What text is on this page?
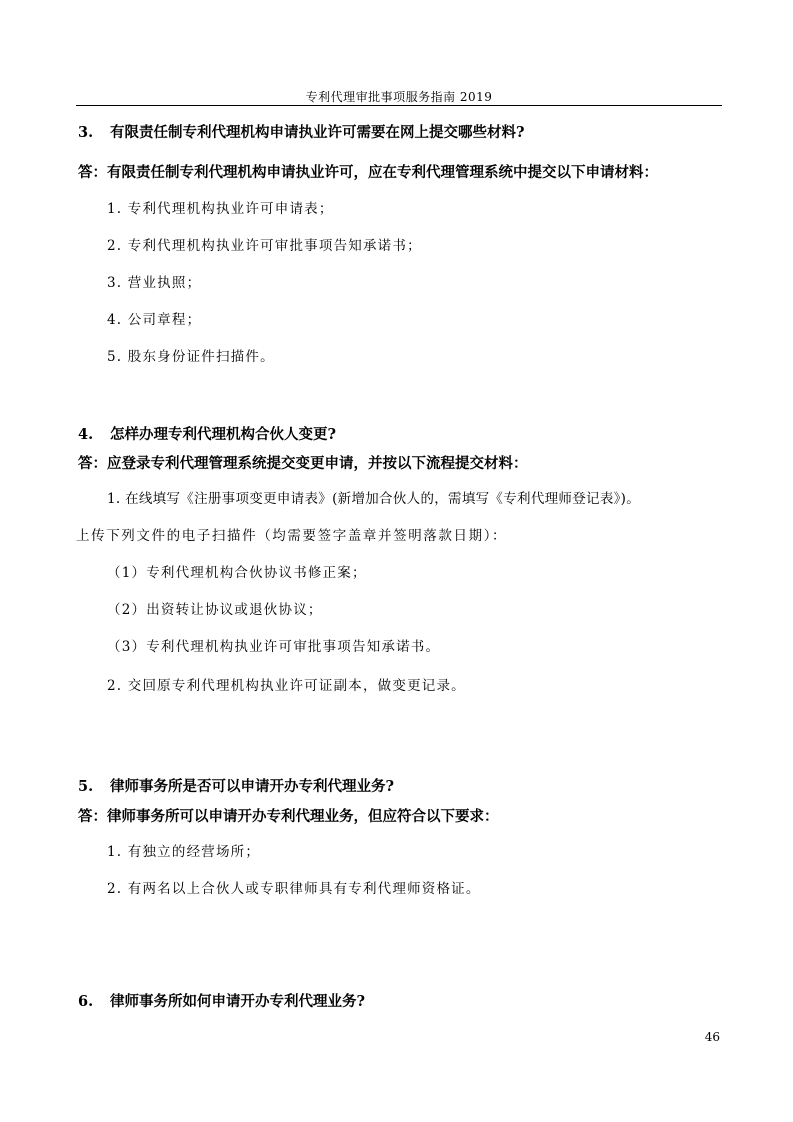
专利代理审批事项服务指南 2019
3. 有限责任制专利代理机构申请执业许可需要在网上提交哪些材料?
答：有限责任制专利代理机构申请执业许可，应在专利代理管理系统中提交以下申请材料：
1. 专利代理机构执业许可申请表；
2. 专利代理机构执业许可审批事项告知承诺书；
3. 营业执照；
4. 公司章程；
5. 股东身份证件扫描件。
4. 怎样办理专利代理机构合伙人变更?
答：应登录专利代理管理系统提交变更申请，并按以下流程提交材料：
1. 在线填写《注册事项变更申请表》(新增加合伙人的，需填写《专利代理师登记表》)。
上传下列文件的电子扫描件（均需要签字盖章并签明落款日期）：
（1）专利代理机构合伙协议书修正案；
（2）出资转让协议或退伙协议；
（3）专利代理机构执业许可审批事项告知承诺书。
2. 交回原专利代理机构执业许可证副本，做变更记录。
5. 律师事务所是否可以申请开办专利代理业务?
答：律师事务所可以申请开办专利代理业务，但应符合以下要求：
1. 有独立的经营场所；
2. 有两名以上合伙人或专职律师具有专利代理师资格证。
6. 律师事务所如何申请开办专利代理业务?
46
